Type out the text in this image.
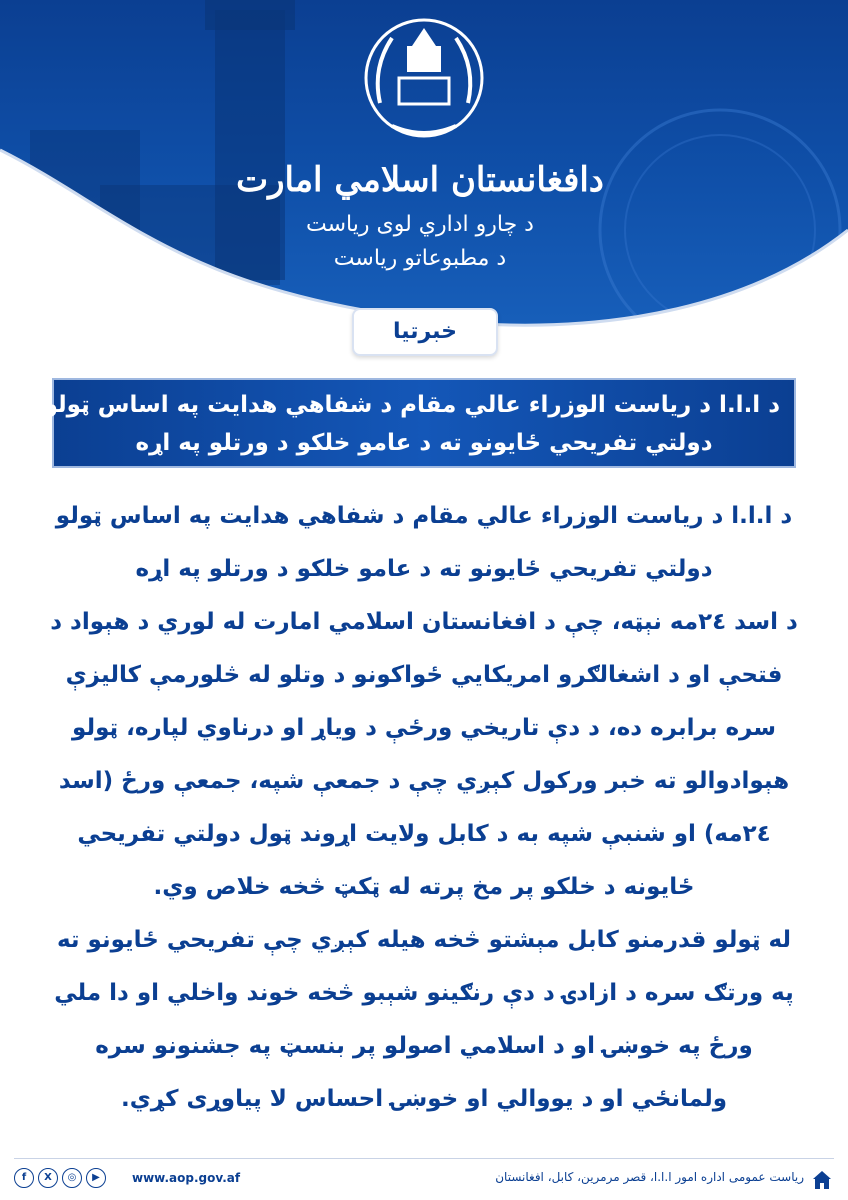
دافغانستان اسلامي امارت
د چارو اداري لوی ریاست
د مطبوعاتو ریاست
خبرتیا
د ا.ا.ا د ریاست الوزراء عالي مقام د شفاهي هدايت په اساس ټولو
دولتي تفريحي ځايونو ته د عامو خلکو د ورتلو په اړه
د ا.ا.ا د ریاست الوزراء عالي مقام د شفاهي هدايت په اساس ټولو
دولتي تفريحي ځايونو ته د عامو خلکو د ورتلو په اړه
د اسد ۲٤مه نېټه، چې د افغانستان اسلامي امارت له لوري د هېواد د
فتحې او د اشغالګرو امريکايي ځواکونو د وتلو له څلورمې کاليزې
سره برابره ده، د دې تاريخي ورځې د وياړ او درناوي لپاره، ټولو
هېوادوالو ته خبر ورکول کېږي چې د جمعې شپه، جمعې ورځ (اسد
۲٤مه) او شنبې شپه به د کابل ولايت اړوند ټول دولتي تفريحي
ځايونه د خلکو پر مخ پرته له ټکټ څخه خلاص وي.
له ټولو قدرمنو کابل مېشتو څخه هيله کېږي چې تفريحي ځايونو ته
په ورتګ سره د ازادۍ د دې رنګينو شېبو څخه خوند واخلي او دا ملي
ورځ په خوښۍ او د اسلامي اصولو پر بنسټ په جشنونو سره
ولمانځي او د يووالي او خوښۍ احساس لا پياوړی کړي.
ریاست عمومی اداره امور ا.ا.ا، قصر مرمرین، کابل، افغانستان
f	X	◎	▶	www.aop.gov.af
